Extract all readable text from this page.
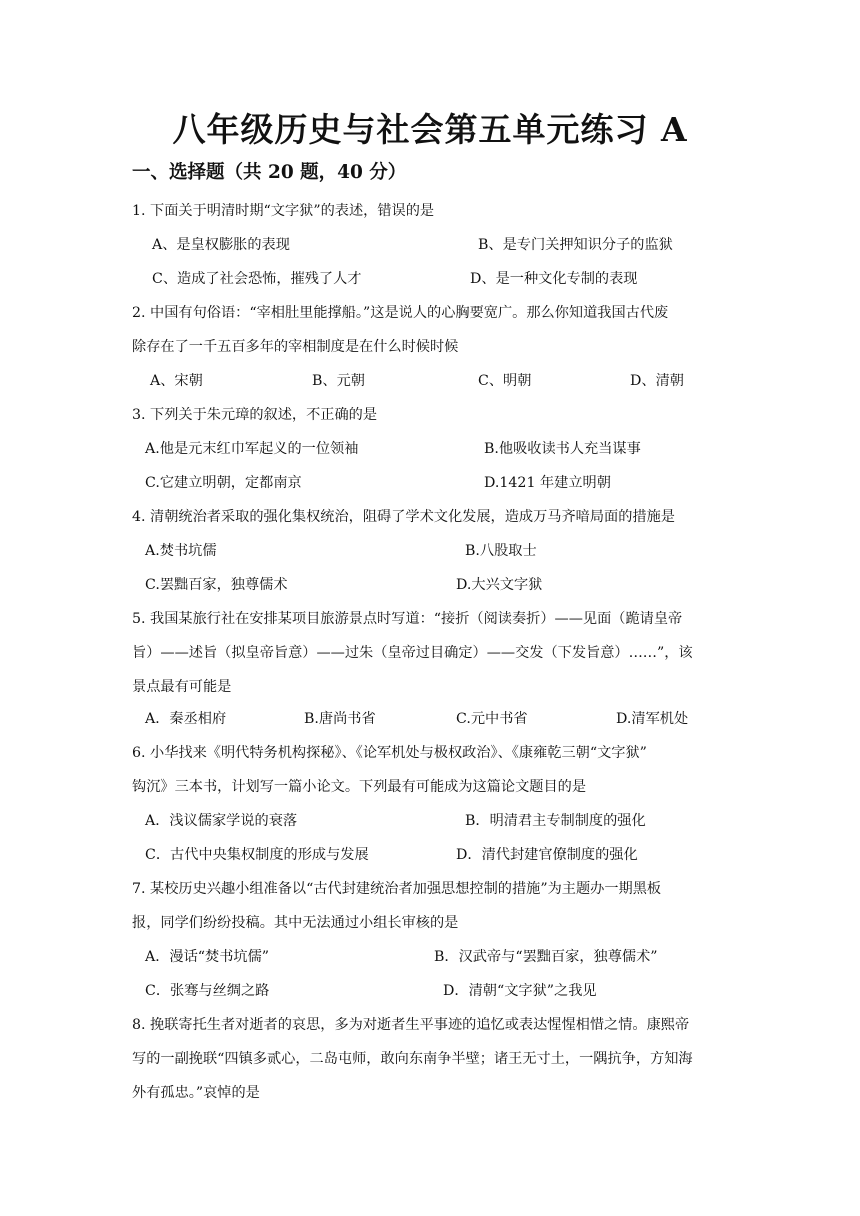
八年级历史与社会第五单元练习 A
一、选择题（共 20 题，40 分）
1. 下面关于明清时期“文字狱”的表述，错误的是
A、是皇权膨胀的表现	B、是专门关押知识分子的监狱
C、造成了社会恐怖，摧残了人才	D、是一种文化专制的表现
2. 中国有句俗语：“宰相肚里能撑船。”这是说人的心胸要宽广。那么你知道我国古代废
除存在了一千五百多年的宰相制度是在什么时候时候
A、宋朝	B、元朝	C、明朝	D、清朝
3. 下列关于朱元璋的叙述，不正确的是
A.他是元末红巾军起义的一位领袖	B.他吸收读书人充当谋事
C.它建立明朝，定都南京	D.1421 年建立明朝
4. 清朝统治者采取的强化集权统治，阻碍了学术文化发展，造成万马齐喑局面的措施是
A.焚书坑儒	B.八股取士
C.罢黜百家，独尊儒术	D.大兴文字狱
5. 我国某旅行社在安排某项目旅游景点时写道：“接折（阅读奏折）——见面（跪请皇帝
旨）——述旨（拟皇帝旨意）——过朱（皇帝过目确定）——交发（下发旨意）……”，该
景点最有可能是
A．秦丞相府	B.唐尚书省	C.元中书省	D.清军机处
6. 小华找来《明代特务机构探秘》、《论军机处与极权政治》、《康雍乾三朝“文字狱”
钩沉》三本书，计划写一篇小论文。下列最有可能成为这篇论文题目的是
A．浅议儒家学说的衰落	B．明清君主专制制度的强化
C．古代中央集权制度的形成与发展	D．清代封建官僚制度的强化
7. 某校历史兴趣小组准备以“古代封建统治者加强思想控制的措施”为主题办一期黑板
报，同学们纷纷投稿。其中无法通过小组长审核的是
A．漫话“焚书坑儒”	B．汉武帝与“罢黜百家，独尊儒术”
C．张骞与丝绸之路	D．清朝“文字狱”之我见
8. 挽联寄托生者对逝者的哀思，多为对逝者生平事迹的追忆或表达惺惺相惜之情。康熙帝
写的一副挽联“四镇多贰心，二岛屯师，敢向东南争半壁；诸王无寸土，一隅抗争，方知海
外有孤忠。”哀悼的是
